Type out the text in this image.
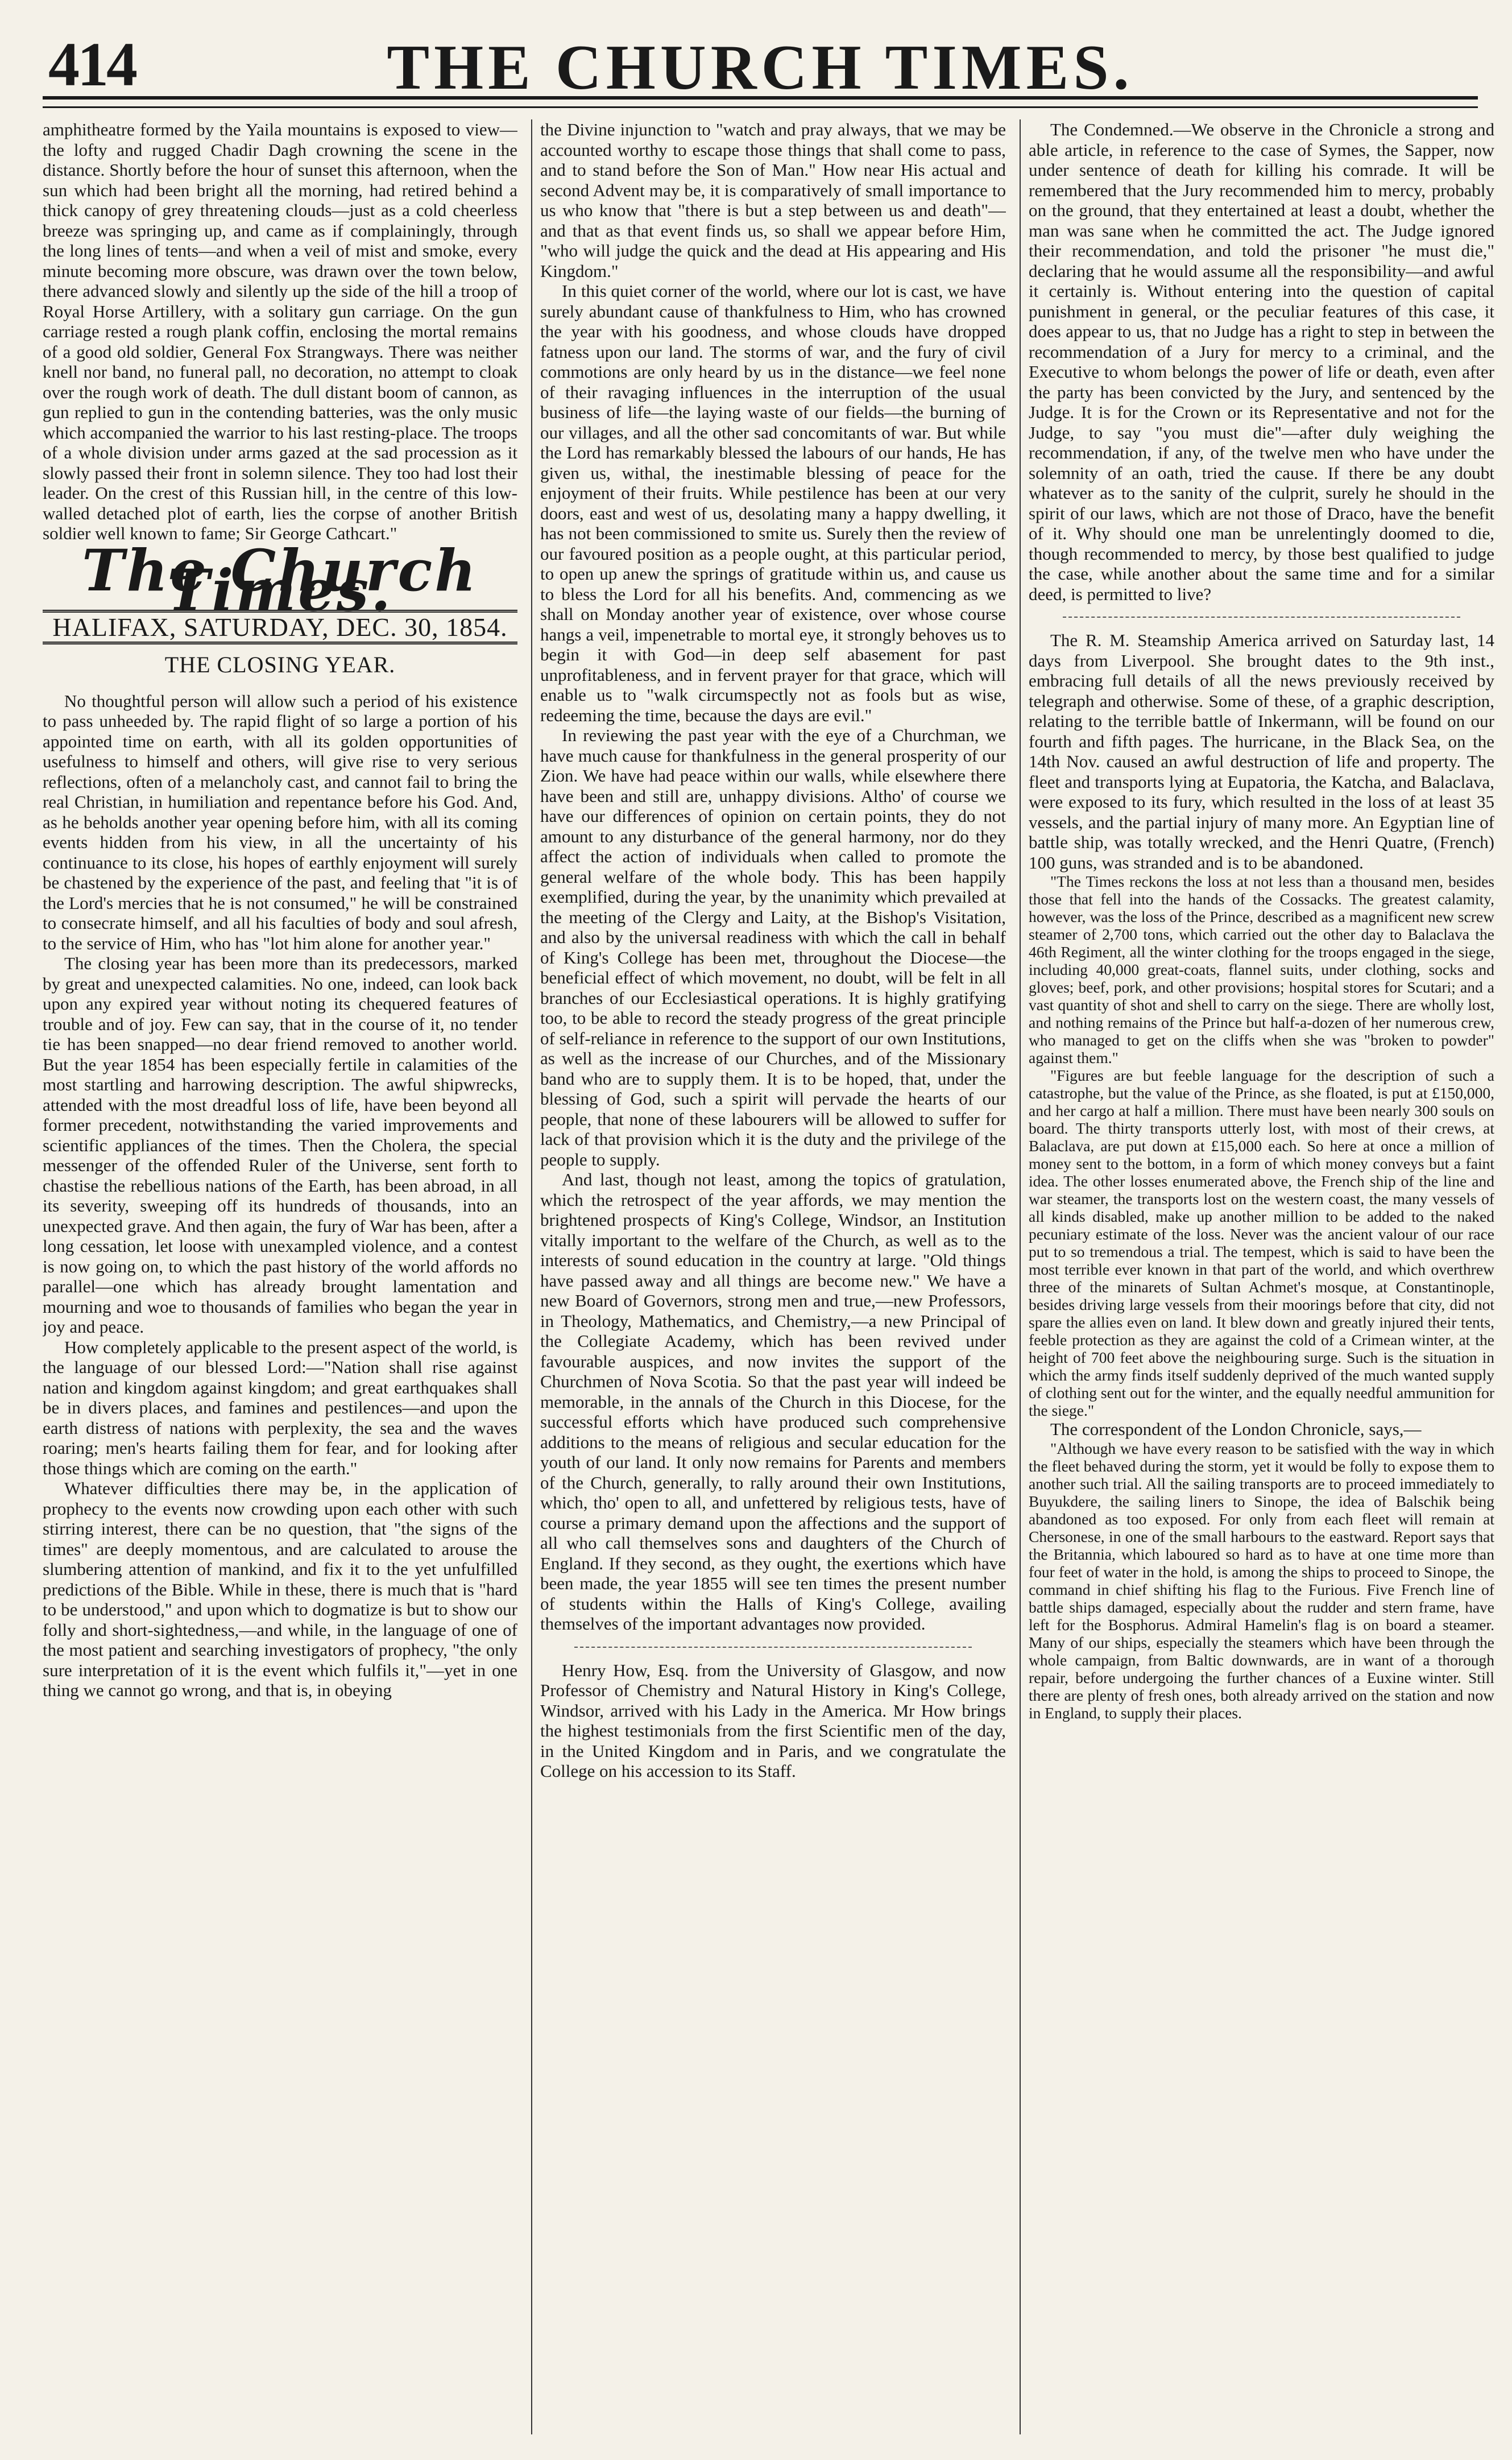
414	THE CHURCH TIMES.

amphitheatre formed by the Yaila mountains is exposed to view—the lofty and rugged Chadir Dagh crowning the scene in the distance. Shortly before the hour of sunset this afternoon, when the sun which had been bright all the morning, had retired behind a thick canopy of grey threatening clouds—just as a cold cheerless breeze was springing up, and came as if complainingly, through the long lines of tents—and when a veil of mist and smoke, every minute becoming more obscure, was drawn over the town below, there advanced slowly and silently up the side of the hill a troop of Royal Horse Artillery, with a solitary gun carriage. On the gun carriage rested a rough plank coffin, enclosing the mortal remains of a good old soldier, General Fox Strangways. There was neither knell nor band, no funeral pall, no decoration, no attempt to cloak over the rough work of death. The dull distant boom of cannon, as gun replied to gun in the contending batteries, was the only music which accompanied the warrior to his last resting-place. The troops of a whole division under arms gazed at the sad procession as it slowly passed their front in solemn silence. They too had lost their leader. On the crest of this Russian hill, in the centre of this low-walled detached plot of earth, lies the corpse of another British soldier well known to fame; Sir George Cathcart."

The Church Times.
HALIFAX, SATURDAY, DEC. 30, 1854.
THE CLOSING YEAR.

No thoughtful person will allow such a period of his existence to pass unheeded by. The rapid flight of so large a portion of his appointed time on earth, with all its golden opportunities of usefulness to himself and others, will give rise to very serious reflections, often of a melancholy cast, and cannot fail to bring the real Christian, in humiliation and repentance before his God. And, as he beholds another year opening before him, with all its coming events hidden from his view, in all the uncertainty of his continuance to its close, his hopes of earthly enjoyment will surely be chastened by the experience of the past, and feeling that "it is of the Lord's mercies that he is not consumed," he will be constrained to consecrate himself, and all his faculties of body and soul afresh, to the service of Him, who has "lot him alone for another year."

The closing year has been more than its predecessors, marked by great and unexpected calamities. No one, indeed, can look back upon any expired year without noting its chequered features of trouble and of joy. Few can say, that in the course of it, no tender tie has been snapped—no dear friend removed to another world. But the year 1854 has been especially fertile in calamities of the most startling and harrowing description. The awful shipwrecks, attended with the most dreadful loss of life, have been beyond all former precedent, notwithstanding the varied improvements and scientific appliances of the times. Then the Cholera, the special messenger of the offended Ruler of the Universe, sent forth to chastise the rebellious nations of the Earth, has been abroad, in all its severity, sweeping off its hundreds of thousands, into an unexpected grave. And then again, the fury of War has been, after a long cessation, let loose with unexampled violence, and a contest is now going on, to which the past history of the world affords no parallel—one which has already brought lamentation and mourning and woe to thousands of families who began the year in joy and peace.

How completely applicable to the present aspect of the world, is the language of our blessed Lord:—"Nation shall rise against nation and kingdom against kingdom; and great earthquakes shall be in divers places, and famines and pestilences—and upon the earth distress of nations with perplexity, the sea and the waves roaring; men's hearts failing them for fear, and for looking after those things which are coming on the earth."

Whatever difficulties there may be, in the application of prophecy to the events now crowding upon each other with such stirring interest, there can be no question, that "the signs of the times" are deeply momentous, and are calculated to arouse the slumbering attention of mankind, and fix it to the yet unfulfilled predictions of the Bible. While in these, there is much that is "hard to be understood," and upon which to dogmatize is but to show our folly and short-sightedness,—and while, in the language of one of the most patient and searching investigators of prophecy, "the only sure interpretation of it is the event which fulfils it,"—yet in one thing we cannot go wrong, and that is, in obeying

the Divine injunction to "watch and pray always, that we may be accounted worthy to escape those things that shall come to pass, and to stand before the Son of Man." How near His actual and second Advent may be, it is comparatively of small importance to us who know that "there is but a step between us and death"—and that as that event finds us, so shall we appear before Him, "who will judge the quick and the dead at His appearing and His Kingdom."

In this quiet corner of the world, where our lot is cast, we have surely abundant cause of thankfulness to Him, who has crowned the year with his goodness, and whose clouds have dropped fatness upon our land. The storms of war, and the fury of civil commotions are only heard by us in the distance—we feel none of their ravaging influences in the interruption of the usual business of life—the laying waste of our fields—the burning of our villages, and all the other sad concomitants of war. But while the Lord has remarkably blessed the labours of our hands, He has given us, withal, the inestimable blessing of peace for the enjoyment of their fruits. While pestilence has been at our very doors, east and west of us, desolating many a happy dwelling, it has not been commissioned to smite us. Surely then the review of our favoured position as a people ought, at this particular period, to open up anew the springs of gratitude within us, and cause us to bless the Lord for all his benefits. And, commencing as we shall on Monday another year of existence, over whose course hangs a veil, impenetrable to mortal eye, it strongly behoves us to begin it with God—in deep self abasement for past unprofitableness, and in fervent prayer for that grace, which will enable us to "walk circumspectly not as fools but as wise, redeeming the time, because the days are evil."

In reviewing the past year with the eye of a Churchman, we have much cause for thankfulness in the general prosperity of our Zion. We have had peace within our walls, while elsewhere there have been and still are, unhappy divisions. Altho' of course we have our differences of opinion on certain points, they do not amount to any disturbance of the general harmony, nor do they affect the action of individuals when called to promote the general welfare of the whole body. This has been happily exemplified, during the year, by the unanimity which prevailed at the meeting of the Clergy and Laity, at the Bishop's Visitation, and also by the universal readiness with which the call in behalf of King's College has been met, throughout the Diocese—the beneficial effect of which movement, no doubt, will be felt in all branches of our Ecclesiastical operations. It is highly gratifying too, to be able to record the steady progress of the great principle of self-reliance in reference to the support of our own Institutions, as well as the increase of our Churches, and of the Missionary band who are to supply them. It is to be hoped, that, under the blessing of God, such a spirit will pervade the hearts of our people, that none of these labourers will be allowed to suffer for lack of that provision which it is the duty and the privilege of the people to supply.

And last, though not least, among the topics of gratulation, which the retrospect of the year affords, we may mention the brightened prospects of King's College, Windsor, an Institution vitally important to the welfare of the Church, as well as to the interests of sound education in the country at large. "Old things have passed away and all things are become new." We have a new Board of Governors, strong men and true,—new Professors, in Theology, Mathematics, and Chemistry,—a new Principal of the Collegiate Academy, which has been revived under favourable auspices, and now invites the support of the Churchmen of Nova Scotia. So that the past year will indeed be memorable, in the annals of the Church in this Diocese, for the successful efforts which have produced such comprehensive additions to the means of religious and secular education for the youth of our land. It only now remains for Parents and members of the Church, generally, to rally around their own Institutions, which, tho' open to all, and unfettered by religious tests, have of course a primary demand upon the affections and the support of all who call themselves sons and daughters of the Church of England. If they second, as they ought, the exertions which have been made, the year 1855 will see ten times the present number of students within the Halls of King's College, availing themselves of the important advantages now provided.

Henry How, Esq. from the University of Glasgow, and now Professor of Chemistry and Natural History in King's College, Windsor, arrived with his Lady in the America. Mr How brings the highest testimonials from the first Scientific men of the day, in the United Kingdom and in Paris, and we congratulate the College on his accession to its Staff.

The Condemned.—We observe in the Chronicle a strong and able article, in reference to the case of Symes, the Sapper, now under sentence of death for killing his comrade. It will be remembered that the Jury recommended him to mercy, probably on the ground, that they entertained at least a doubt, whether the man was sane when he committed the act. The Judge ignored their recommendation, and told the prisoner "he must die," declaring that he would assume all the responsibility—and awful it certainly is. Without entering into the question of capital punishment in general, or the peculiar features of this case, it does appear to us, that no Judge has a right to step in between the recommendation of a Jury for mercy to a criminal, and the Executive to whom belongs the power of life or death, even after the party has been convicted by the Jury, and sentenced by the Judge. It is for the Crown or its Representative and not for the Judge, to say "you must die"—after duly weighing the recommendation, if any, of the twelve men who have under the solemnity of an oath, tried the cause. If there be any doubt whatever as to the sanity of the culprit, surely he should in the spirit of our laws, which are not those of Draco, have the benefit of it. Why should one man be unrelentingly doomed to die, though recommended to mercy, by those best qualified to judge the case, while another about the same time and for a similar deed, is permitted to live?

The R. M. Steamship America arrived on Saturday last, 14 days from Liverpool. She brought dates to the 9th inst., embracing full details of all the news previously received by telegraph and otherwise. Some of these, of a graphic description, relating to the terrible battle of Inkermann, will be found on our fourth and fifth pages. The hurricane, in the Black Sea, on the 14th Nov. caused an awful destruction of life and property. The fleet and transports lying at Eupatoria, the Katcha, and Balaclava, were exposed to its fury, which resulted in the loss of at least 35 vessels, and the partial injury of many more. An Egyptian line of battle ship, was totally wrecked, and the Henri Quatre, (French) 100 guns, was stranded and is to be abandoned.

"The Times reckons the loss at not less than a thousand men, besides those that fell into the hands of the Cossacks. The greatest calamity, however, was the loss of the Prince, described as a magnificent new screw steamer of 2,700 tons, which carried out the other day to Balaclava the 46th Regiment, all the winter clothing for the troops engaged in the siege, including 40,000 great-coats, flannel suits, under clothing, socks and gloves; beef, pork, and other provisions; hospital stores for Scutari; and a vast quantity of shot and shell to carry on the siege. There are wholly lost, and nothing remains of the Prince but half-a-dozen of her numerous crew, who managed to get on the cliffs when she was "broken to powder" against them."

"Figures are but feeble language for the description of such a catastrophe, but the value of the Prince, as she floated, is put at £150,000, and her cargo at half a million. There must have been nearly 300 souls on board. The thirty transports utterly lost, with most of their crews, at Balaclava, are put down at £15,000 each. So here at once a million of money sent to the bottom, in a form of which money conveys but a faint idea. The other losses enumerated above, the French ship of the line and war steamer, the transports lost on the western coast, the many vessels of all kinds disabled, make up another million to be added to the naked pecuniary estimate of the loss. Never was the ancient valour of our race put to so tremendous a trial. The tempest, which is said to have been the most terrible ever known in that part of the world, and which overthrew three of the minarets of Sultan Achmet's mosque, at Constantinople, besides driving large vessels from their moorings before that city, did not spare the allies even on land. It blew down and greatly injured their tents, feeble protection as they are against the cold of a Crimean winter, at the height of 700 feet above the neighbouring surge. Such is the situation in which the army finds itself suddenly deprived of the much wanted supply of clothing sent out for the winter, and the equally needful ammunition for the siege."

The correspondent of the London Chronicle, says,—

"Although we have every reason to be satisfied with the way in which the fleet behaved during the storm, yet it would be folly to expose them to another such trial. All the sailing transports are to proceed immediately to Buyukdere, the sailing liners to Sinope, the idea of Balschik being abandoned as too exposed. For only from each fleet will remain at Chersonese, in one of the small harbours to the eastward. Report says that the Britannia, which laboured so hard as to have at one time more than four feet of water in the hold, is among the ships to proceed to Sinope, the command in chief shifting his flag to the Furious. Five French line of battle ships damaged, especially about the rudder and stern frame, have left for the Bosphorus. Admiral Hamelin's flag is on board a steamer. Many of our ships, especially the steamers which have been through the whole campaign, from Baltic downwards, are in want of a thorough repair, before undergoing the further chances of a Euxine winter. Still there are plenty of fresh ones, both already arrived on the station and now in England, to supply their places.
